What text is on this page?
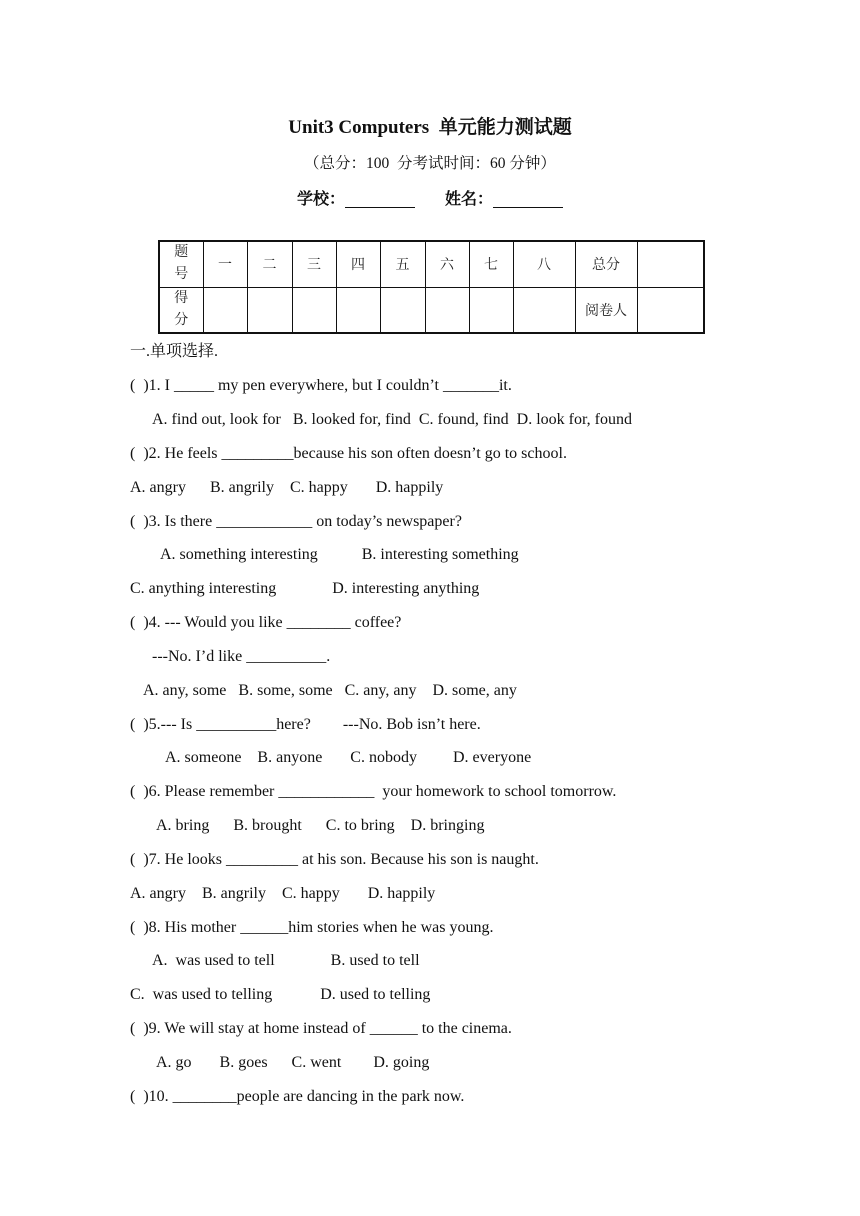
Unit3 Computers  单元能力测试题
（总分：100  分考试时间：60 分钟）
学校：	姓名：
题
号	一	二	三	四	五	六	七	八	总分	
得
分									阅卷人	
一.单项选择.
(  )1. I _____ my pen everywhere, but I couldn’t _______it.
A. find out, look for   B. looked for, find  C. found, find  D. look for, found
(  )2. He feels _________because his son often doesn’t go to school.
A. angry      B. angrily    C. happy       D. happily
(  )3. Is there ____________ on today’s newspaper?
A. something interesting           B. interesting something
C. anything interesting              D. interesting anything
(  )4. --- Would you like ________ coffee?
---No. I’d like __________.
A. any, some   B. some, some   C. any, any    D. some, any
(  )5.--- Is __________here?        ---No. Bob isn’t here.
A. someone    B. anyone       C. nobody         D. everyone
(  )6. Please remember ____________  your homework to school tomorrow.
A. bring      B. brought      C. to bring    D. bringing
(  )7. He looks _________ at his son. Because his son is naught.
A. angry    B. angrily    C. happy       D. happily
(  )8. His mother ______him stories when he was young.
A.  was used to tell              B. used to tell
C.  was used to telling            D. used to telling
(  )9. We will stay at home instead of ______ to the cinema.
A. go       B. goes      C. went        D. going
(  )10. ________people are dancing in the park now.
